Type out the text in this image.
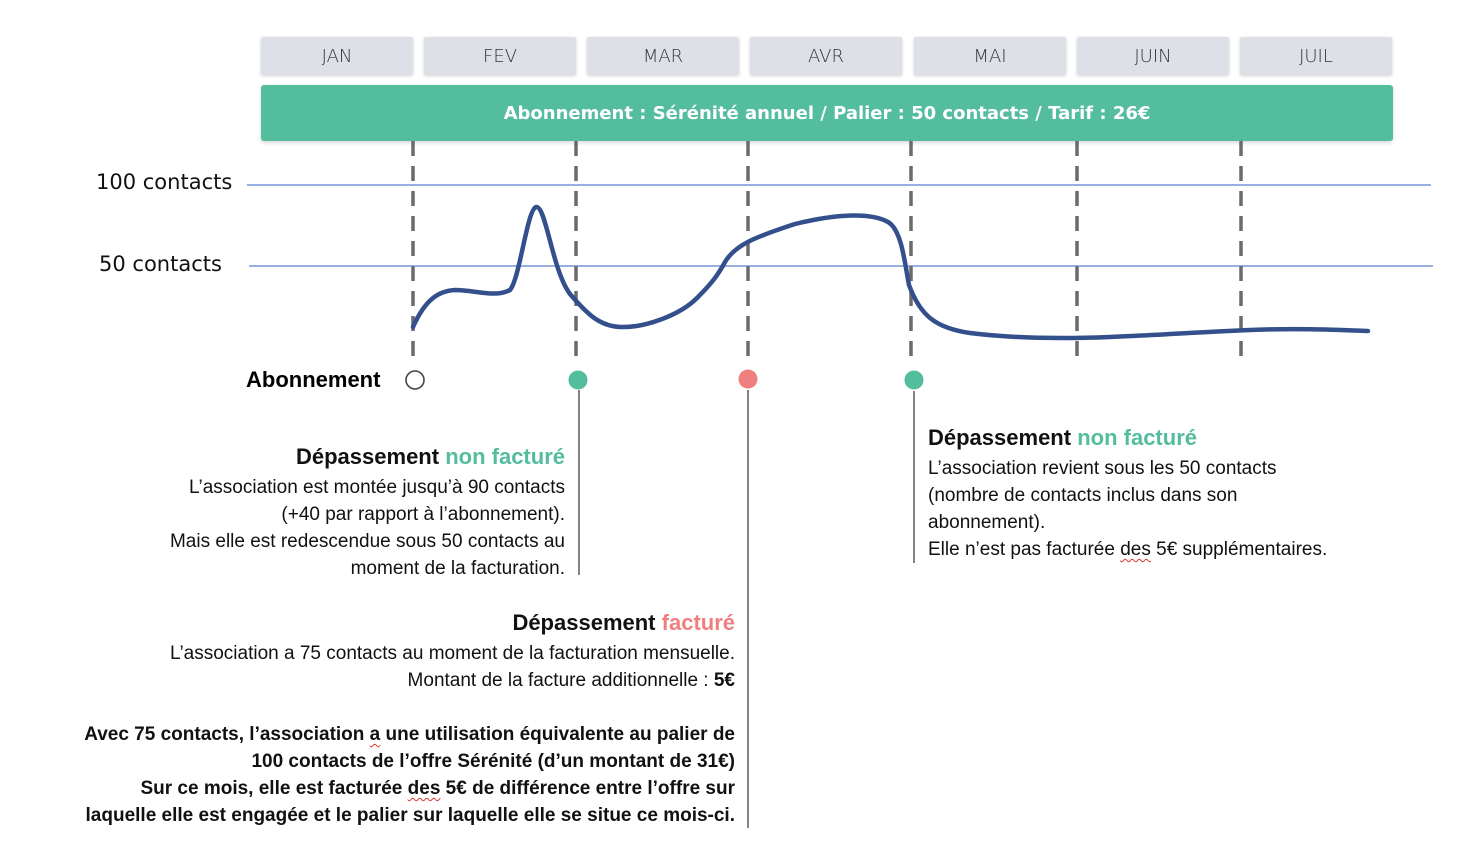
JAN	FEV	MAR	AVR	MAI	JUIN	JUIL
Abonnement : Sérénité annuel / Palier : 50 contacts / Tarif : 26€
100 contacts
50 contacts
Abonnement
Dépassement non facturé
L’association est montée jusqu’à 90 contacts
(+40 par rapport à l’abonnement).
Mais elle est redescendue sous 50 contacts au
moment de la facturation.
Dépassement facturé
L’association a 75 contacts au moment de la facturation mensuelle.
Montant de la facture additionnelle : 5€
Avec 75 contacts, l’association a une utilisation équivalente au palier de
100 contacts de l’offre Sérénité (d’un montant de 31€)
Sur ce mois, elle est facturée des 5€ de différence entre l’offre sur
laquelle elle est engagée et le palier sur laquelle elle se situe ce mois-ci.
Dépassement non facturé
L’association revient sous les 50 contacts
(nombre de contacts inclus dans son
abonnement).
Elle n’est pas facturée des 5€ supplémentaires.
